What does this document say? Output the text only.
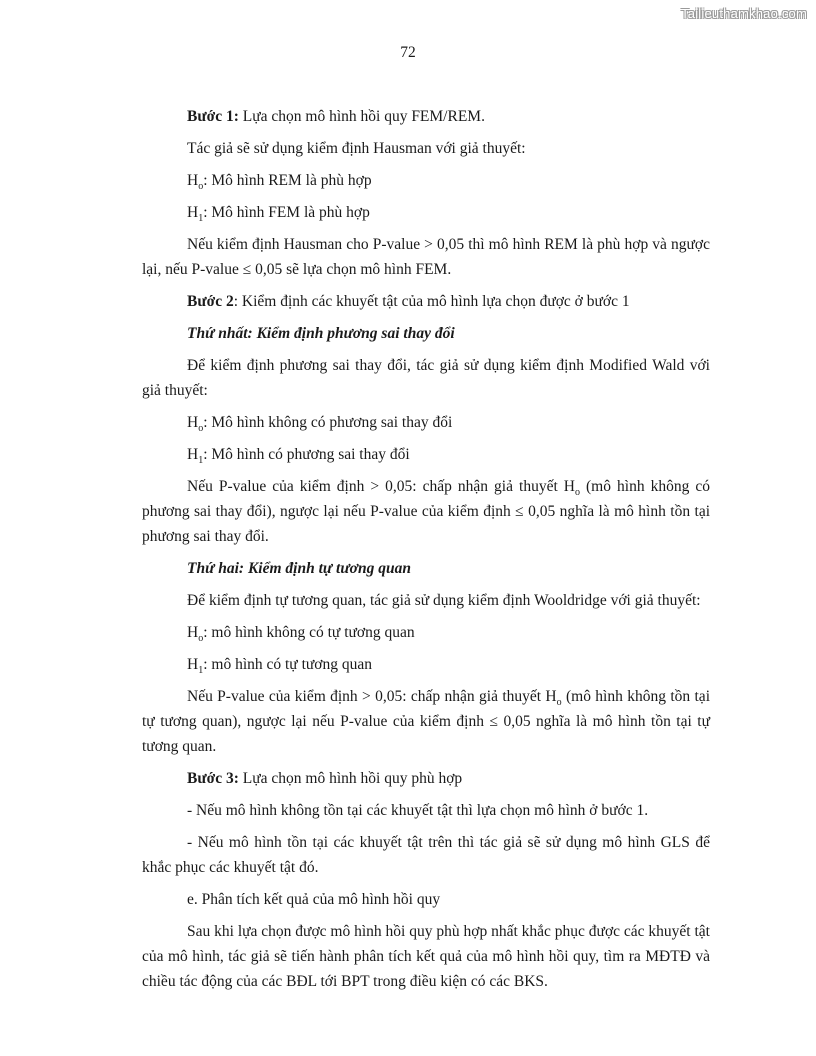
Tailieuthamkhao.com
72

Bước 1: Lựa chọn mô hình hồi quy FEM/REM.

Tác giả sẽ sử dụng kiểm định Hausman với giả thuyết:

$H_o$: Mô hình REM là phù hợp

$H_1$: Mô hình FEM là phù hợp

Nếu kiểm định Hausman cho P-value > 0,05 thì mô hình REM là phù hợp và ngược lại, nếu P-value ≤ 0,05 sẽ lựa chọn mô hình FEM.

Bước 2: Kiểm định các khuyết tật của mô hình lựa chọn được ở bước 1

Thứ nhất: Kiểm định phương sai thay đổi

Để kiểm định phương sai thay đổi, tác giả sử dụng kiểm định Modified Wald với giả thuyết:

$H_o$: Mô hình không có phương sai thay đổi

$H_1$: Mô hình có phương sai thay đổi

Nếu P-value của kiểm định > 0,05: chấp nhận giả thuyết $H_o$ (mô hình không có phương sai thay đổi), ngược lại nếu P-value của kiểm định ≤ 0,05 nghĩa là mô hình tồn tại phương sai thay đổi.

Thứ hai: Kiểm định tự tương quan

Để kiểm định tự tương quan, tác giả sử dụng kiểm định Wooldridge với giả thuyết:

$H_o$: mô hình không có tự tương quan

$H_1$: mô hình có tự tương quan

Nếu P-value của kiểm định > 0,05: chấp nhận giả thuyết $H_o$ (mô hình không tồn tại tự tương quan), ngược lại nếu P-value của kiểm định ≤ 0,05 nghĩa là mô hình tồn tại tự tương quan.

Bước 3: Lựa chọn mô hình hồi quy phù hợp

- Nếu mô hình không tồn tại các khuyết tật thì lựa chọn mô hình ở bước 1.

- Nếu mô hình tồn tại các khuyết tật trên thì tác giả sẽ sử dụng mô hình GLS để khắc phục các khuyết tật đó.

e. Phân tích kết quả của mô hình hồi quy

Sau khi lựa chọn được mô hình hồi quy phù hợp nhất khắc phục được các khuyết tật của mô hình, tác giả sẽ tiến hành phân tích kết quả của mô hình hồi quy, tìm ra MĐTĐ và chiều tác động của các BĐL tới BPT trong điều kiện có các BKS.
